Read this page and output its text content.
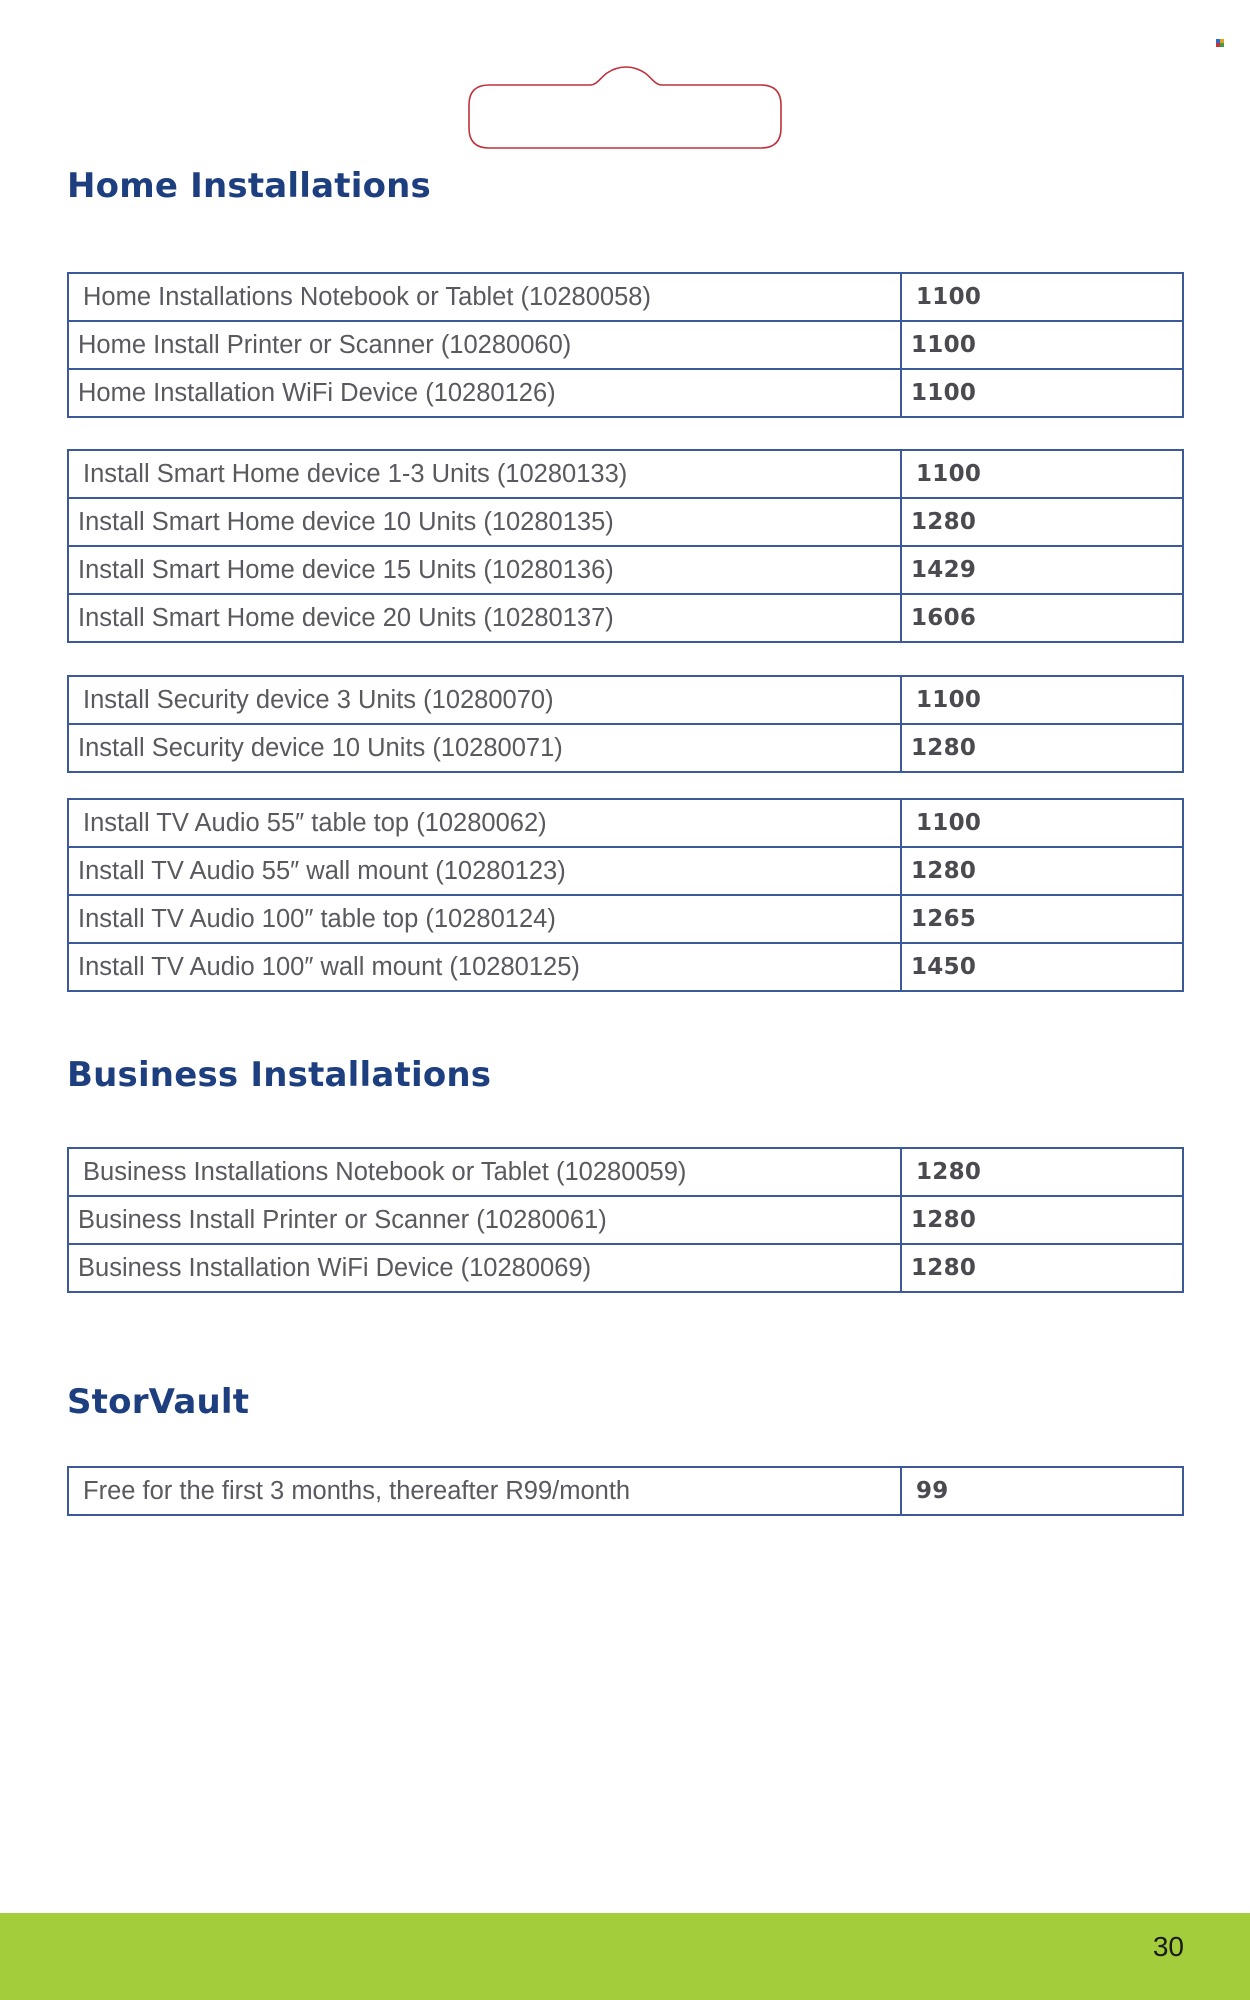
Home Installations
Home Installations Notebook or Tablet (10280058)	1100
Home Install Printer or Scanner (10280060)	1100
Home Installation WiFi Device (10280126)	1100
Install Smart Home device 1-3 Units (10280133)	1100
Install Smart Home device 10 Units (10280135)	1280
Install Smart Home device 15 Units (10280136)	1429
Install Smart Home device 20 Units (10280137)	1606
Install Security device 3 Units (10280070)	1100
Install Security device 10 Units (10280071)	1280
Install TV Audio 55″ table top (10280062)	1100
Install TV Audio 55″ wall mount (10280123)	1280
Install TV Audio 100″ table top (10280124)	1265
Install TV Audio 100″ wall mount (10280125)	1450
Business Installations
Business Installations Notebook or Tablet (10280059)	1280
Business Install Printer or Scanner (10280061)	1280
Business Installation WiFi Device (10280069)	1280
StorVault
Free for the first 3 months, thereafter R99/month	99
30
